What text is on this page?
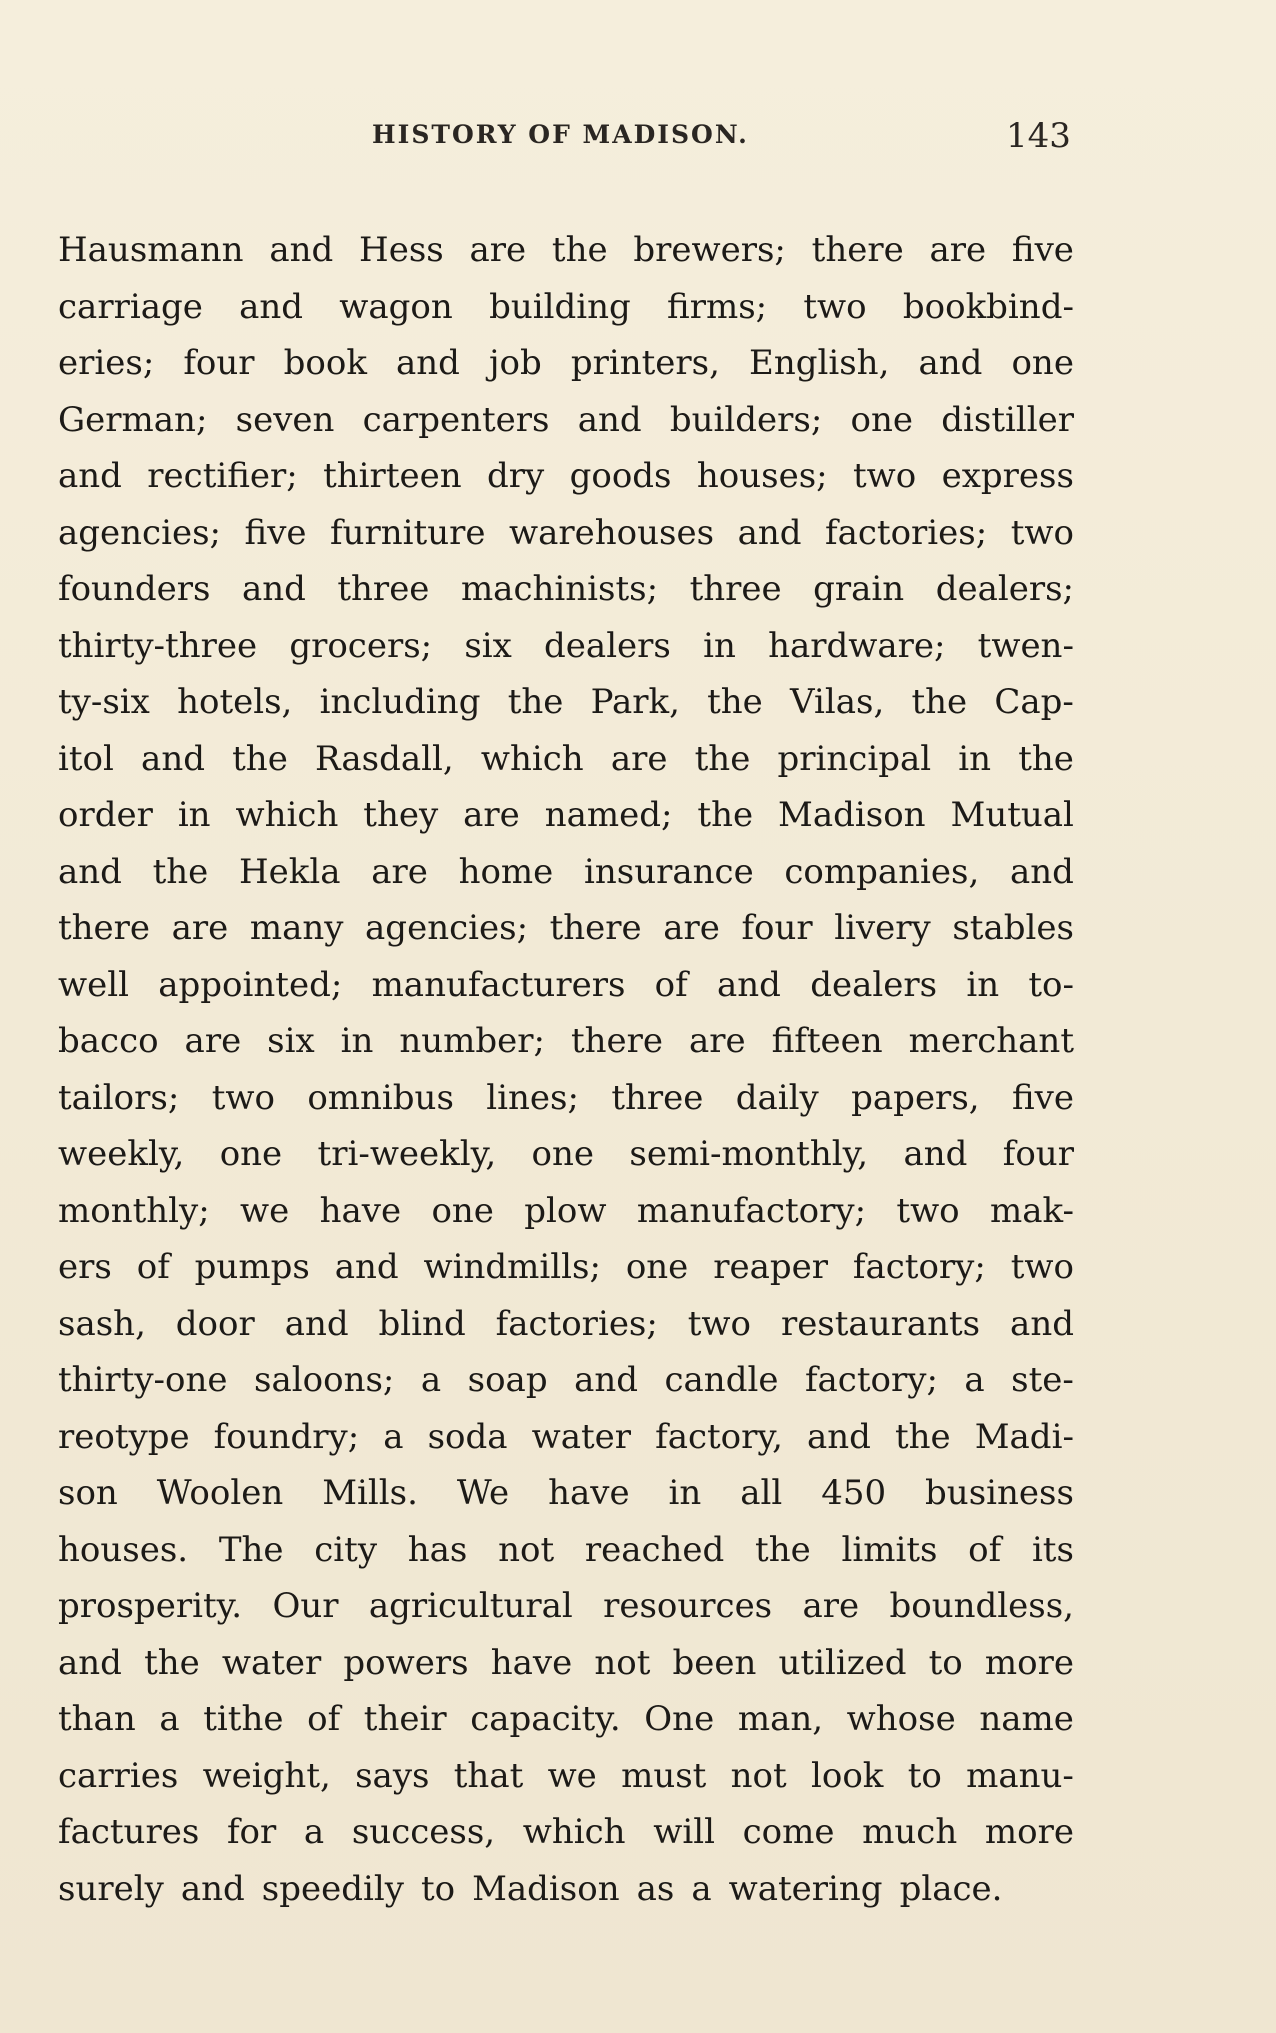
HISTORY OF MADISON.	143
Hausmann and Hess are the brewers; there are five
carriage and wagon building firms; two bookbind-
eries; four book and job printers, English, and one
German; seven carpenters and builders; one distiller
and rectifier; thirteen dry goods houses; two express
agencies; five furniture warehouses and factories; two
founders and three machinists; three grain dealers;
thirty-three grocers; six dealers in hardware; twen-
ty-six hotels, including the Park, the Vilas, the Cap-
itol and the Rasdall, which are the principal in the
order in which they are named; the Madison Mutual
and the Hekla are home insurance companies, and
there are many agencies; there are four livery stables
well appointed; manufacturers of and dealers in to-
bacco are six in number; there are fifteen merchant
tailors; two omnibus lines; three daily papers, five
weekly, one tri-weekly, one semi-monthly, and four
monthly; we have one plow manufactory; two mak-
ers of pumps and windmills; one reaper factory; two
sash, door and blind factories; two restaurants and
thirty-one saloons; a soap and candle factory; a ste-
reotype foundry; a soda water factory, and the Madi-
son Woolen Mills. We have in all 450 business
houses. The city has not reached the limits of its
prosperity. Our agricultural resources are boundless,
and the water powers have not been utilized to more
than a tithe of their capacity. One man, whose name
carries weight, says that we must not look to manu-
factures for a success, which will come much more
surely and speedily to Madison as a watering place.
